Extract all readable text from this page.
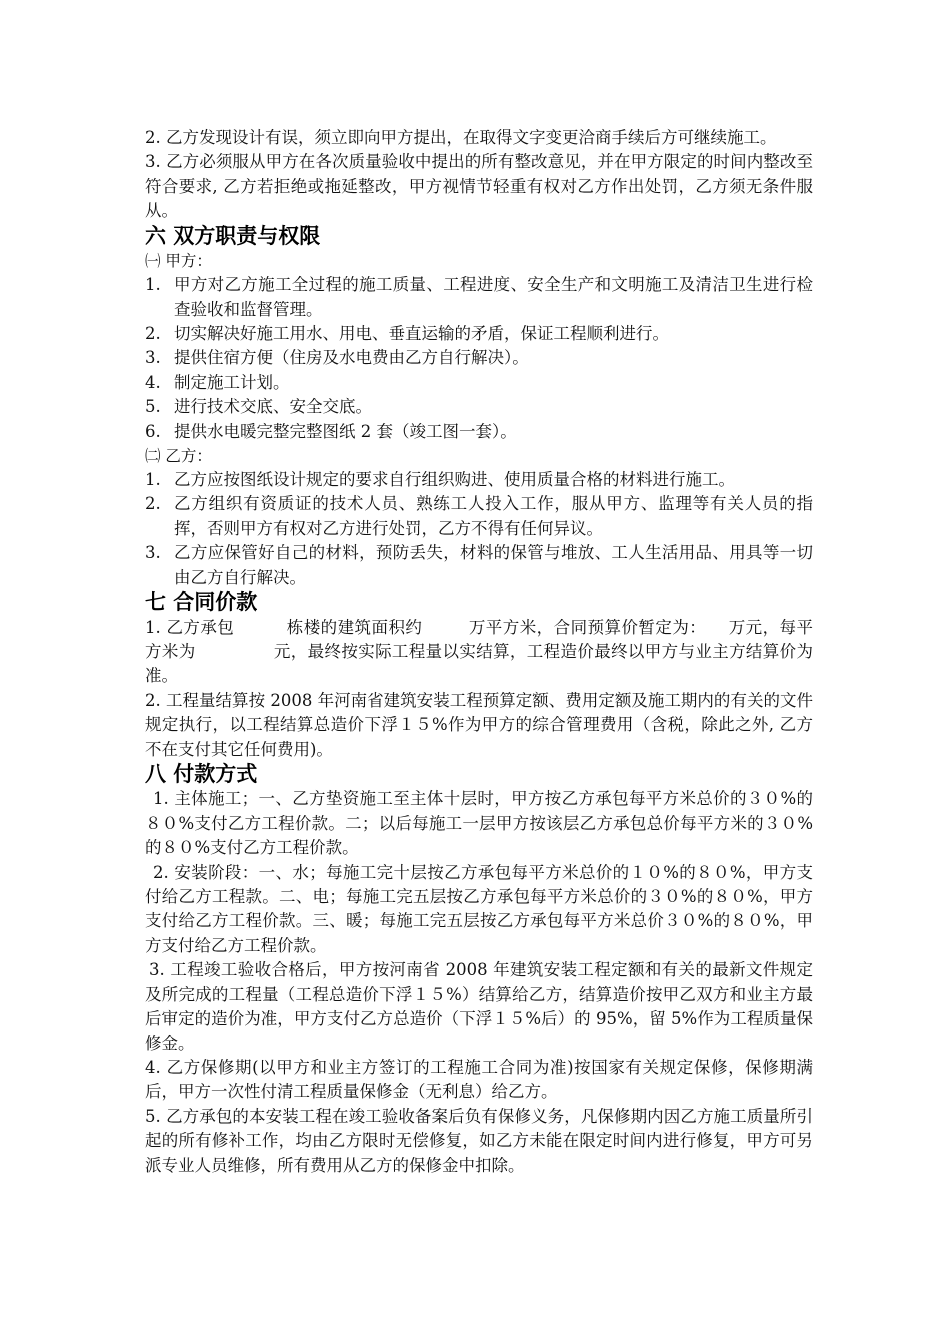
2. 乙方发现设计有误，须立即向甲方提出，在取得文字变更洽商手续后方可继续施工。

3. 乙方必须服从甲方在各次质量验收中提出的所有整改意见，并在甲方限定的时间内整改至符合要求, 乙方若拒绝或拖延整改，甲方视情节轻重有权对乙方作出处罚，乙方须无条件服从。

六 双方职责与权限

㈠ 甲方：

1. 甲方对乙方施工全过程的施工质量、工程进度、安全生产和文明施工及清洁卫生进行检查验收和监督管理。
2. 切实解决好施工用水、用电、垂直运输的矛盾，保证工程顺利进行。
3. 提供住宿方便（住房及水电费由乙方自行解决）。
4. 制定施工计划。
5. 进行技术交底、安全交底。
6. 提供水电暖完整完整图纸 2 套（竣工图一套）。

㈡ 乙方：

1. 乙方应按图纸设计规定的要求自行组织购进、使用质量合格的材料进行施工。
2. 乙方组织有资质证的技术人员、熟练工人投入工作，服从甲方、监理等有关人员的指挥，否则甲方有权对乙方进行处罚，乙方不得有任何异议。
3. 乙方应保管好自己的材料，预防丢失，材料的保管与堆放、工人生活用品、用具等一切由乙方自行解决。
七 合同价款

1. 乙方承包	栋楼的建筑面积约	万平方米，合同预算价暂定为： 万元，每平方米为	元，最终按实际工程量以实结算，工程造价最终以甲方与业主方结算价为准。

2. 工程量结算按 2008 年河南省建筑安装工程预算定额、费用定额及施工期内的有关的文件规定执行，以工程结算总造价下浮１５%作为甲方的综合管理费用（含税，除此之外, 乙方不在支付其它任何费用)。

八 付款方式

1. 主体施工；一、乙方垫资施工至主体十层时，甲方按乙方承包每平方米总价的３０%的８０%支付乙方工程价款。二；以后每施工一层甲方按该层乙方承包总价每平方米的３０%的８０%支付乙方工程价款。

2. 安装阶段：一、水；每施工完十层按乙方承包每平方米总价的１０%的８０%，甲方支付给乙方工程款。二、电；每施工完五层按乙方承包每平方米总价的３０%的８０%，甲方支付给乙方工程价款。三、暖；每施工完五层按乙方承包每平方米总价３０%的８０%，甲方支付给乙方工程价款。

3. 工程竣工验收合格后，甲方按河南省 2008 年建筑安装工程定额和有关的最新文件规定及所完成的工程量（工程总造价下浮１５%）结算给乙方，结算造价按甲乙双方和业主方最后审定的造价为准，甲方支付乙方总造价（下浮１５%后）的 95%，留 5%作为工程质量保修金。

4. 乙方保修期(以甲方和业主方签订的工程施工合同为准)按国家有关规定保修，保修期满后，甲方一次性付清工程质量保修金（无利息）给乙方。

5. 乙方承包的本安装工程在竣工验收备案后负有保修义务，凡保修期内因乙方施工质量所引起的所有修补工作，均由乙方限时无偿修复，如乙方未能在限定时间内进行修复，甲方可另派专业人员维修，所有费用从乙方的保修金中扣除。
